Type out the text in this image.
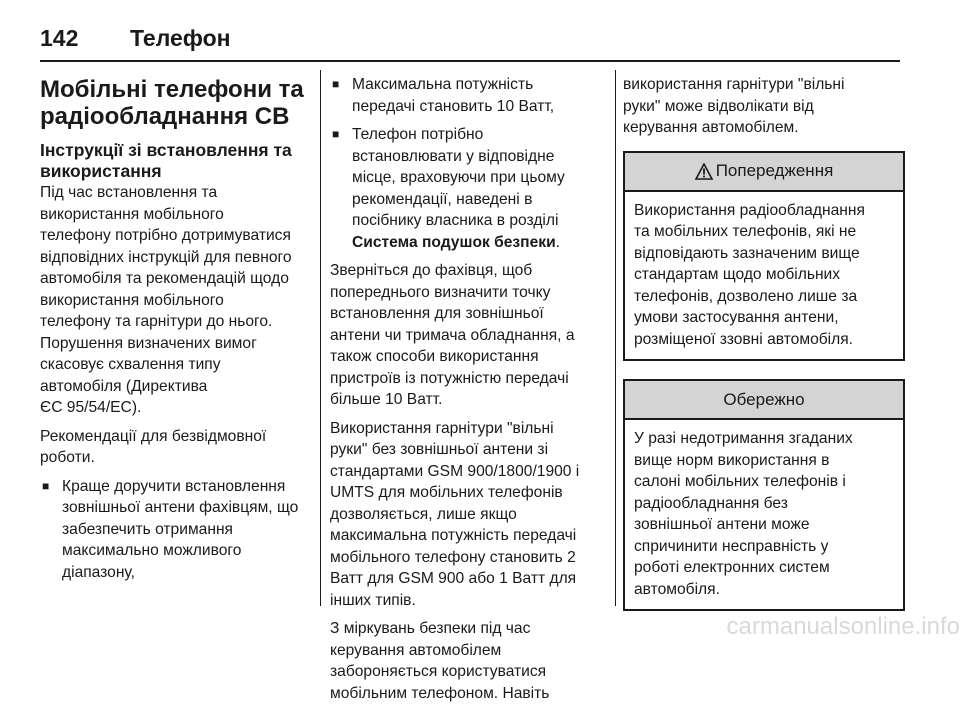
142	Телефон
Мобільні телефони та
радіообладнання СВ
Інструкції зі встановлення та
використання

Під час встановлення та
використання мобільного
телефону потрібно дотримуватися
відповідних інструкцій для певного
автомобіля та рекомендацій щодо
використання мобільного
телефону та гарнітури до нього.
Порушення визначених вимог
скасовує схвалення типу
автомобіля (Директива
ЄС 95/54/ЕС).

Рекомендації для безвідмовної
роботи.

■ Краще доручити встановлення
зовнішньої антени фахівцям, що
забезпечить отримання
максимально можливого
діапазону,
■ Максимальна потужність
передачі становить 10 Ватт,
■ Телефон потрібно
встановлювати у відповідне
місце, враховуючи при цьому
рекомендації, наведені в
посібнику власника в розділі
Система подушок безпеки.

Зверніться до фахівця, щоб
попереднього визначити точку
встановлення для зовнішньої
антени чи тримача обладнання, а
також способи використання
пристроїв із потужністю передачі
більше 10 Ватт.

Використання гарнітури "вільні
руки" без зовнішньої антени зі
стандартами GSM 900/1800/1900 і
UMTS для мобільних телефонів
дозволяється, лише якщо
максимальна потужність передачі
мобільного телефону становить 2
Ватт для GSM 900 або 1 Ватт для
інших типів.

З міркувань безпеки під час
керування автомобілем
забороняється користуватися
мобільним телефоном. Навіть

використання гарнітури "вільні
руки" може відволікати від
керування автомобілем.

Попередження
Використання радіообладнання
та мобільних телефонів, які не
відповідають зазначеним вище
стандартам щодо мобільних
телефонів, дозволено лише за
умови застосування антени,
розміщеної ззовні автомобіля.
Обережно
У разі недотримання згаданих
вище норм використання в
салоні мобільних телефонів і
радіообладнання без
зовнішньої антени може
спричинити несправність у
роботі електронних систем
автомобіля.
carmanualsonline.info
